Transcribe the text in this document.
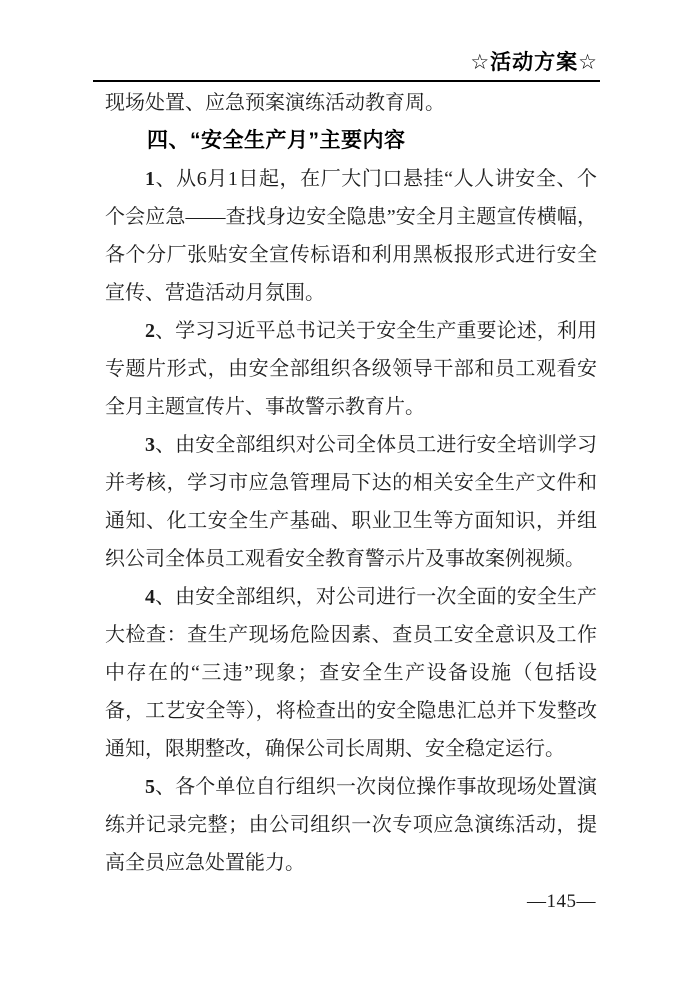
☆活动方案☆

现场处置、应急预案演练活动教育周。

四、“安全生产月”主要内容

1、从6月1日起，在厂大门口悬挂“人人讲安全、个个会应急——查找身边安全隐患”安全月主题宣传横幅，各个分厂张贴安全宣传标语和利用黑板报形式进行安全宣传、营造活动月氛围。

2、学习习近平总书记关于安全生产重要论述，利用专题片形式，由安全部组织各级领导干部和员工观看安全月主题宣传片、事故警示教育片。

3、由安全部组织对公司全体员工进行安全培训学习并考核，学习市应急管理局下达的相关安全生产文件和通知、化工安全生产基础、职业卫生等方面知识，并组织公司全体员工观看安全教育警示片及事故案例视频。

4、由安全部组织，对公司进行一次全面的安全生产大检查：查生产现场危险因素、查员工安全意识及工作中存在的“三违”现象；查安全生产设备设施（包括设备，工艺安全等），将检查出的安全隐患汇总并下发整改通知，限期整改，确保公司长周期、安全稳定运行。

5、各个单位自行组织一次岗位操作事故现场处置演练并记录完整；由公司组织一次专项应急演练活动，提高全员应急处置能力。

—145—
